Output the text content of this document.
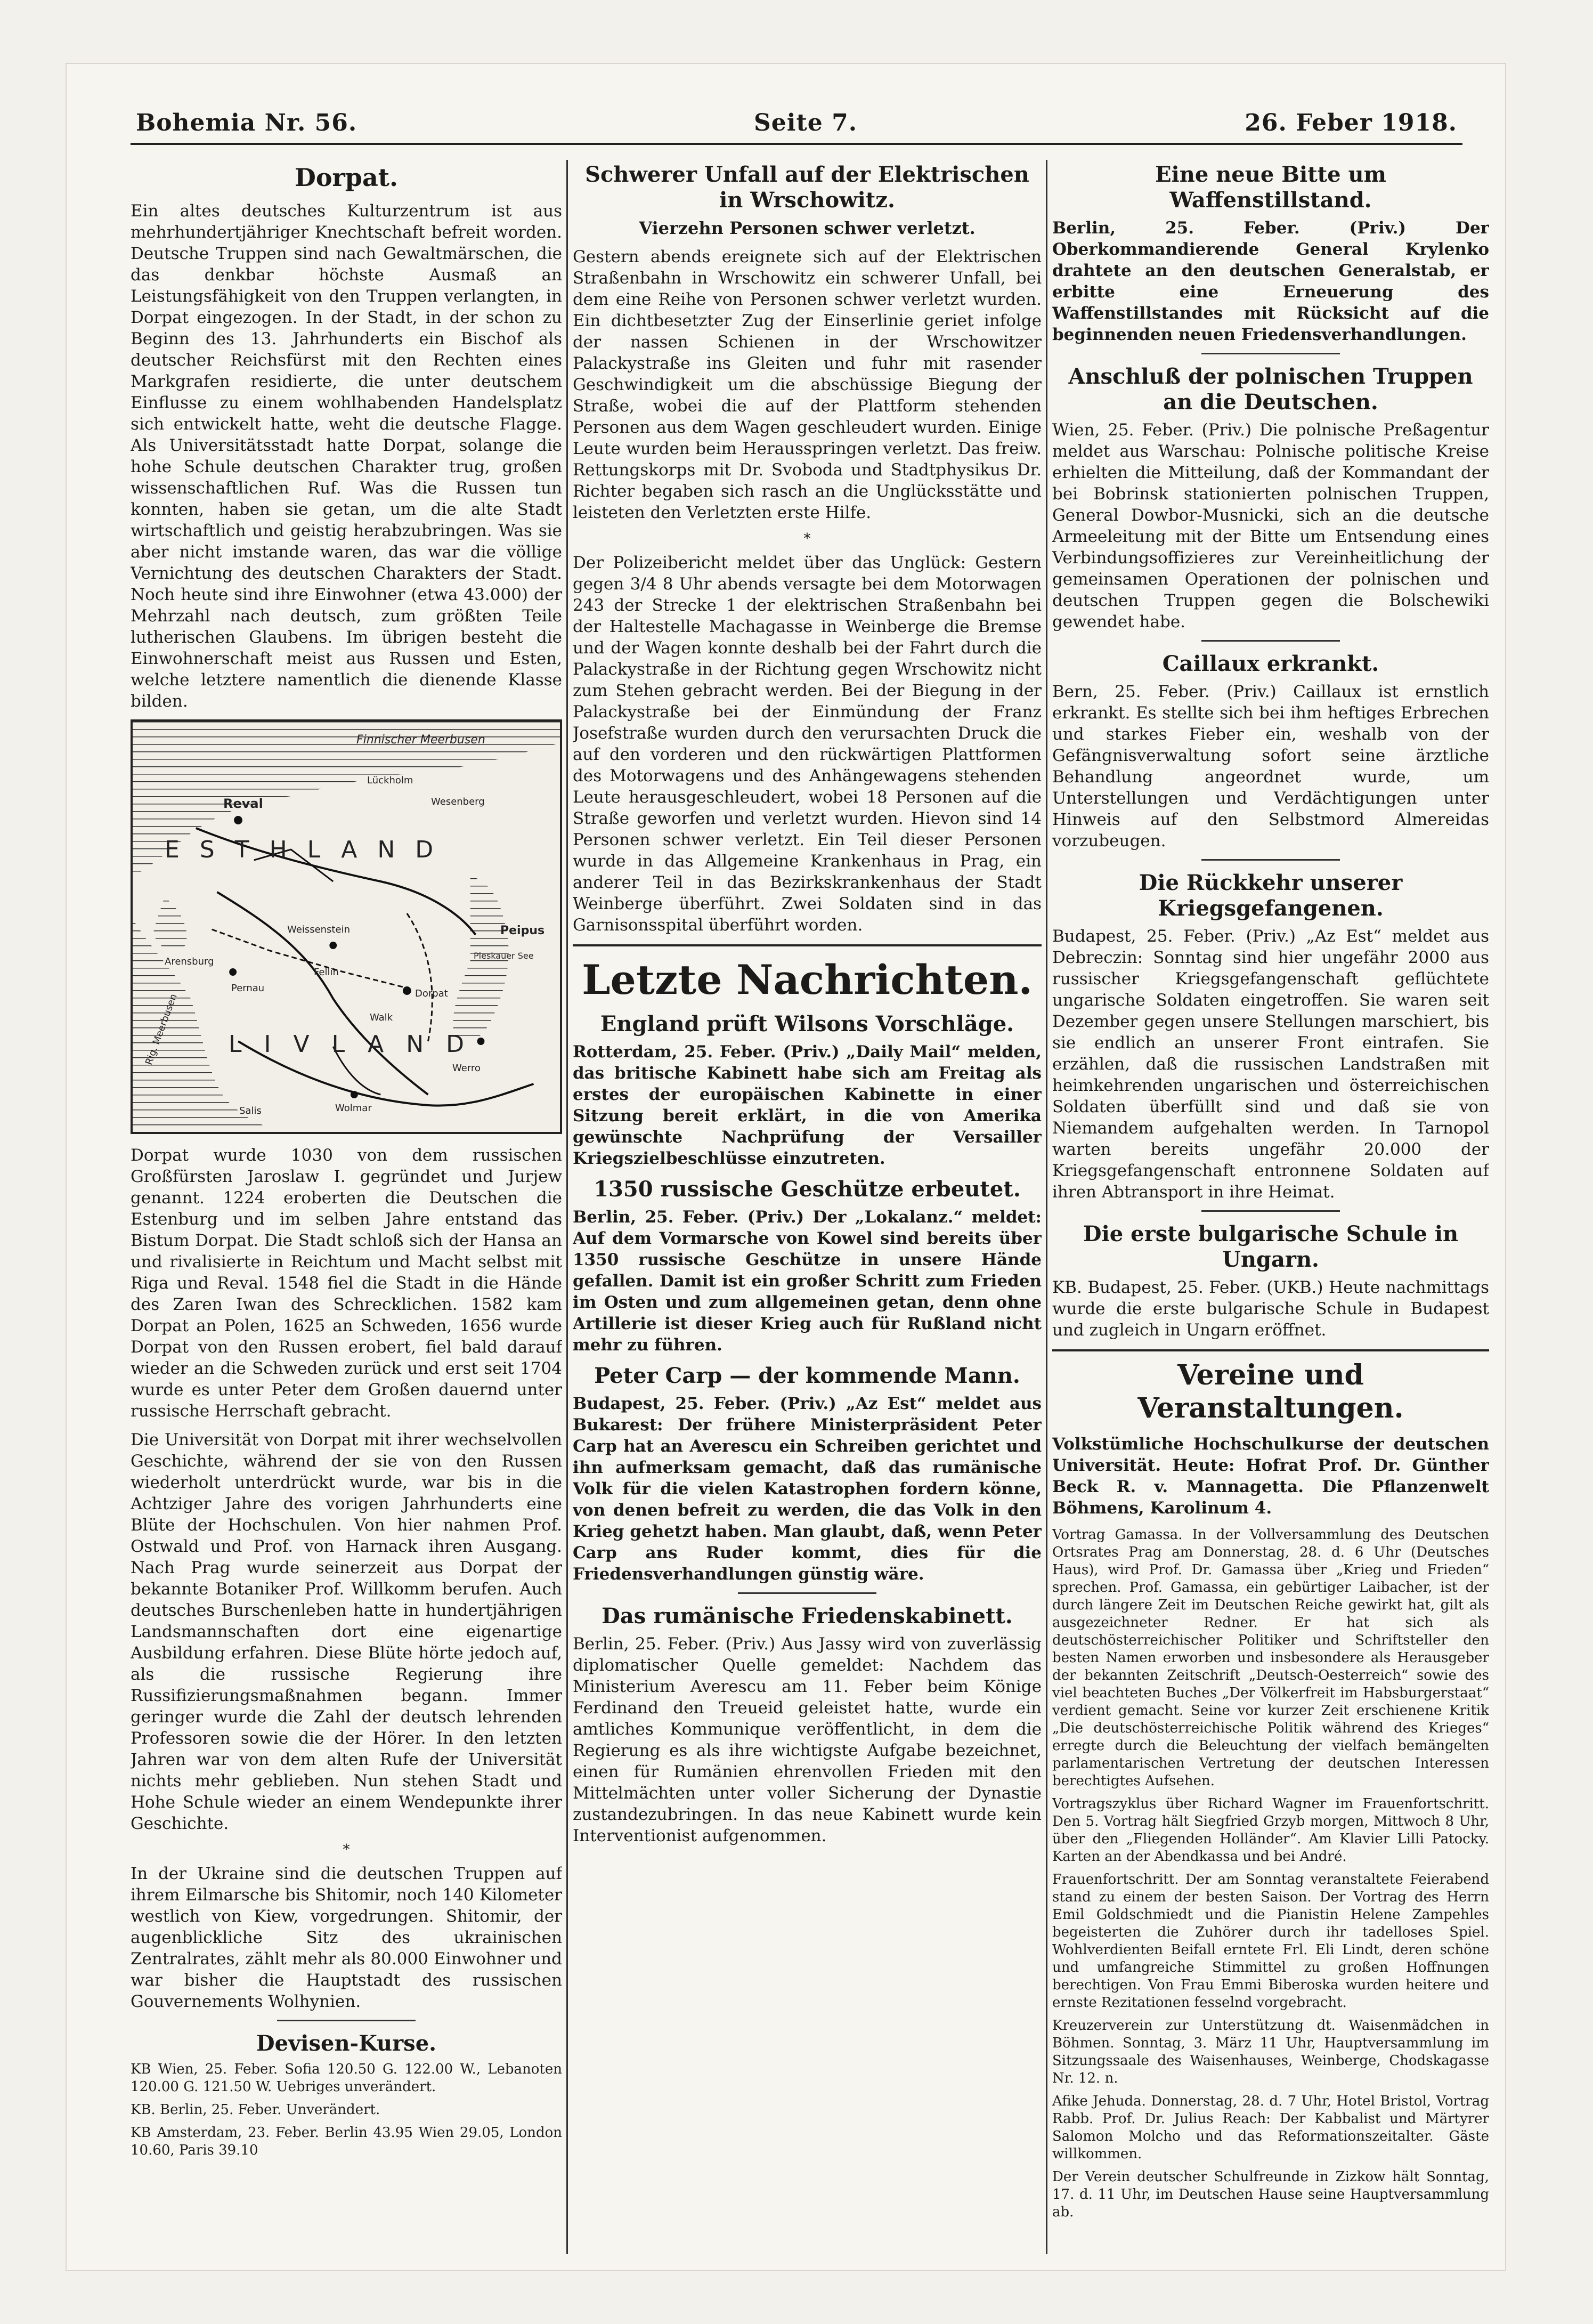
Bohemia Nr. 56.	Seite 7.	26. Feber 1918.
Dorpat.

Ein altes deutsches Kulturzentrum ist aus mehrhundertjähriger Knechtschaft befreit worden. Deutsche Truppen sind nach Gewaltmärschen, die das denkbar höchste Ausmaß an Leistungsfähigkeit von den Truppen verlangten, in Dorpat eingezogen. In der Stadt, in der schon zu Beginn des 13. Jahrhunderts ein Bischof als deutscher Reichsfürst mit den Rechten eines Markgrafen residierte, die unter deutschem Einflusse zu einem wohlhabenden Handelsplatz sich entwickelt hatte, weht die deutsche Flagge. Als Universitätsstadt hatte Dorpat, solange die hohe Schule deutschen Charakter trug, großen wissenschaftlichen Ruf. Was die Russen tun konnten, haben sie getan, um die alte Stadt wirtschaftlich und geistig herabzubringen. Was sie aber nicht imstande waren, das war die völlige Vernichtung des deutschen Charakters der Stadt. Noch heute sind ihre Einwohner (etwa 43.000) der Mehrzahl nach deutsch, zum größten Teile lutherischen Glaubens. Im übrigen besteht die Einwohnerschaft meist aus Russen und Esten, welche letztere namentlich die dienende Klasse bilden.

Finnischer Meerbusen
Reval	Wesenberg
Lückholm
ESTHLAND
Weissenstein
Fellin
Pernau
Walk
Dorpat
LIVLAND
Werro
Arensburg
Salis	Wolmar
Rig. Meerbusen
Peipus
Pleskauer See

Dorpat wurde 1030 von dem russischen Großfürsten Jaroslaw I. gegründet und Jurjew genannt. 1224 eroberten die Deutschen die Estenburg und im selben Jahre entstand das Bistum Dorpat. Die Stadt schloß sich der Hansa an und rivalisierte in Reichtum und Macht selbst mit Riga und Reval. 1548 fiel die Stadt in die Hände des Zaren Iwan des Schrecklichen. 1582 kam Dorpat an Polen, 1625 an Schweden, 1656 wurde Dorpat von den Russen erobert, fiel bald darauf wieder an die Schweden zurück und erst seit 1704 wurde es unter Peter dem Großen dauernd unter russische Herrschaft gebracht.

Die Universität von Dorpat mit ihrer wechselvollen Geschichte, während der sie von den Russen wiederholt unterdrückt wurde, war bis in die Achtziger Jahre des vorigen Jahrhunderts eine Blüte der Hochschulen. Von hier nahmen Prof. Ostwald und Prof. von Harnack ihren Ausgang. Nach Prag wurde seinerzeit aus Dorpat der bekannte Botaniker Prof. Willkomm berufen. Auch deutsches Burschenleben hatte in hundertjährigen Landsmannschaften dort eine eigenartige Ausbildung erfahren. Diese Blüte hörte jedoch auf, als die russische Regierung ihre Russifizierungsmaßnahmen begann. Immer geringer wurde die Zahl der deutsch lehrenden Professoren sowie die der Hörer. In den letzten Jahren war von dem alten Rufe der Universität nichts mehr geblieben. Nun stehen Stadt und Hohe Schule wieder an einem Wendepunkte ihrer Geschichte.

*

In der Ukraine sind die deutschen Truppen auf ihrem Eilmarsche bis Shitomir, noch 140 Kilometer westlich von Kiew, vorgedrungen. Shitomir, der augenblickliche Sitz des ukrainischen Zentralrates, zählt mehr als 80.000 Einwohner und war bisher die Hauptstadt des russischen Gouvernements Wolhynien.

Devisen-Kurse.

KB Wien, 25. Feber. Sofia 120.50 G. 122.00 W., Lebanoten 120.00 G. 121.50 W. Uebriges unverändert.

KB. Berlin, 25. Feber. Unverändert.

KB Amsterdam, 23. Feber. Berlin 43.95 Wien 29.05, London 10.60, Paris 39.10

Schwerer Unfall auf der Elektrischen in Wrschowitz.
Vierzehn Personen schwer verletzt.

Gestern abends ereignete sich auf der Elektrischen Straßenbahn in Wrschowitz ein schwerer Unfall, bei dem eine Reihe von Personen schwer verletzt wurden. Ein dichtbesetzter Zug der Einserlinie geriet infolge der nassen Schienen in der Wrschowitzer Palackystraße ins Gleiten und fuhr mit rasender Geschwindigkeit um die abschüssige Biegung der Straße, wobei die auf der Plattform stehenden Personen aus dem Wagen geschleudert wurden. Einige Leute wurden beim Herausspringen verletzt. Das freiw. Rettungskorps mit Dr. Svoboda und Stadtphysikus Dr. Richter begaben sich rasch an die Unglücksstätte und leisteten den Verletzten erste Hilfe.

*

Der Polizeibericht meldet über das Unglück: Gestern gegen 3/4 8 Uhr abends versagte bei dem Motorwagen 243 der Strecke 1 der elektrischen Straßenbahn bei der Haltestelle Machagasse in Weinberge die Bremse und der Wagen konnte deshalb bei der Fahrt durch die Palackystraße in der Richtung gegen Wrschowitz nicht zum Stehen gebracht werden. Bei der Biegung in der Palackystraße bei der Einmündung der Franz Josefstraße wurden durch den verursachten Druck die auf den vorderen und den rückwärtigen Plattformen des Motorwagens und des Anhängewagens stehenden Leute herausgeschleudert, wobei 18 Personen auf die Straße geworfen und verletzt wurden. Hievon sind 14 Personen schwer verletzt. Ein Teil dieser Personen wurde in das Allgemeine Krankenhaus in Prag, ein anderer Teil in das Bezirkskrankenhaus der Stadt Weinberge überführt. Zwei Soldaten sind in das Garnisonsspital überführt worden.

Letzte Nachrichten.
England prüft Wilsons Vorschläge.

Rotterdam, 25. Feber. (Priv.) „Daily Mail“ melden, das britische Kabinett habe sich am Freitag als erstes der europäischen Kabinette in einer Sitzung bereit erklärt, in die von Amerika gewünschte Nachprüfung der Versailler Kriegszielbeschlüsse einzutreten.

1350 russische Geschütze erbeutet.

Berlin, 25. Feber. (Priv.) Der „Lokalanz.“ meldet: Auf dem Vormarsche von Kowel sind bereits über 1350 russische Geschütze in unsere Hände gefallen. Damit ist ein großer Schritt zum Frieden im Osten und zum allgemeinen getan, denn ohne Artillerie ist dieser Krieg auch für Rußland nicht mehr zu führen.

Peter Carp — der kommende Mann.

Budapest, 25. Feber. (Priv.) „Az Est“ meldet aus Bukarest: Der frühere Ministerpräsident Peter Carp hat an Averescu ein Schreiben gerichtet und ihn aufmerksam gemacht, daß das rumänische Volk für die vielen Katastrophen fordern könne, von denen befreit zu werden, die das Volk in den Krieg gehetzt haben. Man glaubt, daß, wenn Peter Carp ans Ruder kommt, dies für die Friedensverhandlungen günstig wäre.

Das rumänische Friedenskabinett.

Berlin, 25. Feber. (Priv.) Aus Jassy wird von zuverlässig diplomatischer Quelle gemeldet: Nachdem das Ministerium Averescu am 11. Feber beim Könige Ferdinand den Treueid geleistet hatte, wurde ein amtliches Kommunique veröffentlicht, in dem die Regierung es als ihre wichtigste Aufgabe bezeichnet, einen für Rumänien ehrenvollen Frieden mit den Mittelmächten unter voller Sicherung der Dynastie zustandezubringen. In das neue Kabinett wurde kein Interventionist aufgenommen.

Eine neue Bitte um Waffenstillstand.

Berlin, 25. Feber. (Priv.) Der Oberkommandierende General Krylenko drahtete an den deutschen Generalstab, er erbitte eine Erneuerung des Waffenstillstandes mit Rücksicht auf die beginnenden neuen Friedensverhandlungen.

Anschluß der polnischen Truppen an die Deutschen.

Wien, 25. Feber. (Priv.) Die polnische Preßagentur meldet aus Warschau: Polnische politische Kreise erhielten die Mitteilung, daß der Kommandant der bei Bobrinsk stationierten polnischen Truppen, General Dowbor-Musnicki, sich an die deutsche Armeeleitung mit der Bitte um Entsendung eines Verbindungsoffizieres zur Vereinheitlichung der gemeinsamen Operationen der polnischen und deutschen Truppen gegen die Bolschewiki gewendet habe.

Caillaux erkrankt.

Bern, 25. Feber. (Priv.) Caillaux ist ernstlich erkrankt. Es stellte sich bei ihm heftiges Erbrechen und starkes Fieber ein, weshalb von der Gefängnisverwaltung sofort seine ärztliche Behandlung angeordnet wurde, um Unterstellungen und Verdächtigungen unter Hinweis auf den Selbstmord Almereidas vorzubeugen.

Die Rückkehr unserer Kriegsgefangenen.

Budapest, 25. Feber. (Priv.) „Az Est“ meldet aus Debreczin: Sonntag sind hier ungefähr 2000 aus russischer Kriegsgefangenschaft geflüchtete ungarische Soldaten eingetroffen. Sie waren seit Dezember gegen unsere Stellungen marschiert, bis sie endlich an unserer Front eintrafen. Sie erzählen, daß die russischen Landstraßen mit heimkehrenden ungarischen und österreichischen Soldaten überfüllt sind und daß sie von Niemandem aufgehalten werden. In Tarnopol warten bereits ungefähr 20.000 der Kriegsgefangenschaft entronnene Soldaten auf ihren Abtransport in ihre Heimat.

Die erste bulgarische Schule in Ungarn.

KB. Budapest, 25. Feber. (UKB.) Heute nachmittags wurde die erste bulgarische Schule in Budapest und zugleich in Ungarn eröffnet.

Vereine und Veranstaltungen.

Volkstümliche Hochschulkurse der deutschen Universität. Heute: Hofrat Prof. Dr. Günther Beck R. v. Mannagetta. Die Pflanzenwelt Böhmens, Karolinum 4.

Vortrag Gamassa. In der Vollversammlung des Deutschen Ortsrates Prag am Donnerstag, 28. d. 6 Uhr (Deutsches Haus), wird Prof. Dr. Gamassa über „Krieg und Frieden“ sprechen. Prof. Gamassa, ein gebürtiger Laibacher, ist der durch längere Zeit im Deutschen Reiche gewirkt hat, gilt als ausgezeichneter Redner. Er hat sich als deutschösterreichischer Politiker und Schriftsteller den besten Namen erworben und insbesondere als Herausgeber der bekannten Zeitschrift „Deutsch-Oesterreich“ sowie des viel beachteten Buches „Der Völkerfreit im Habsburgerstaat“ verdient gemacht. Seine vor kurzer Zeit erschienene Kritik „Die deutschösterreichische Politik während des Krieges“ erregte durch die Beleuchtung der vielfach bemängelten parlamentarischen Vertretung der deutschen Interessen berechtigtes Aufsehen.

Vortragszyklus über Richard Wagner im Frauenfortschritt. Den 5. Vortrag hält Siegfried Grzyb morgen, Mittwoch 8 Uhr, über den „Fliegenden Holländer“. Am Klavier Lilli Patocky. Karten an der Abendkassa und bei André.

Frauenfortschritt. Der am Sonntag veranstaltete Feierabend stand zu einem der besten Saison. Der Vortrag des Herrn Emil Goldschmiedt und die Pianistin Helene Zampehles begeisterten die Zuhörer durch ihr tadelloses Spiel. Wohlverdienten Beifall erntete Frl. Eli Lindt, deren schöne und umfangreiche Stimmittel zu großen Hoffnungen berechtigen. Von Frau Emmi Biberoska wurden heitere und ernste Rezitationen fesselnd vorgebracht.

Kreuzerverein zur Unterstützung dt. Waisenmädchen in Böhmen. Sonntag, 3. März 11 Uhr, Hauptversammlung im Sitzungssaale des Waisenhauses, Weinberge, Chodskagasse Nr. 12. n.

Afike Jehuda. Donnerstag, 28. d. 7 Uhr, Hotel Bristol, Vortrag Rabb. Prof. Dr. Julius Reach: Der Kabbalist und Märtyrer Salomon Molcho und das Reformationszeitalter. Gäste willkommen.

Der Verein deutscher Schulfreunde in Zizkow hält Sonntag, 17. d. 11 Uhr, im Deutschen Hause seine Hauptversammlung ab.
